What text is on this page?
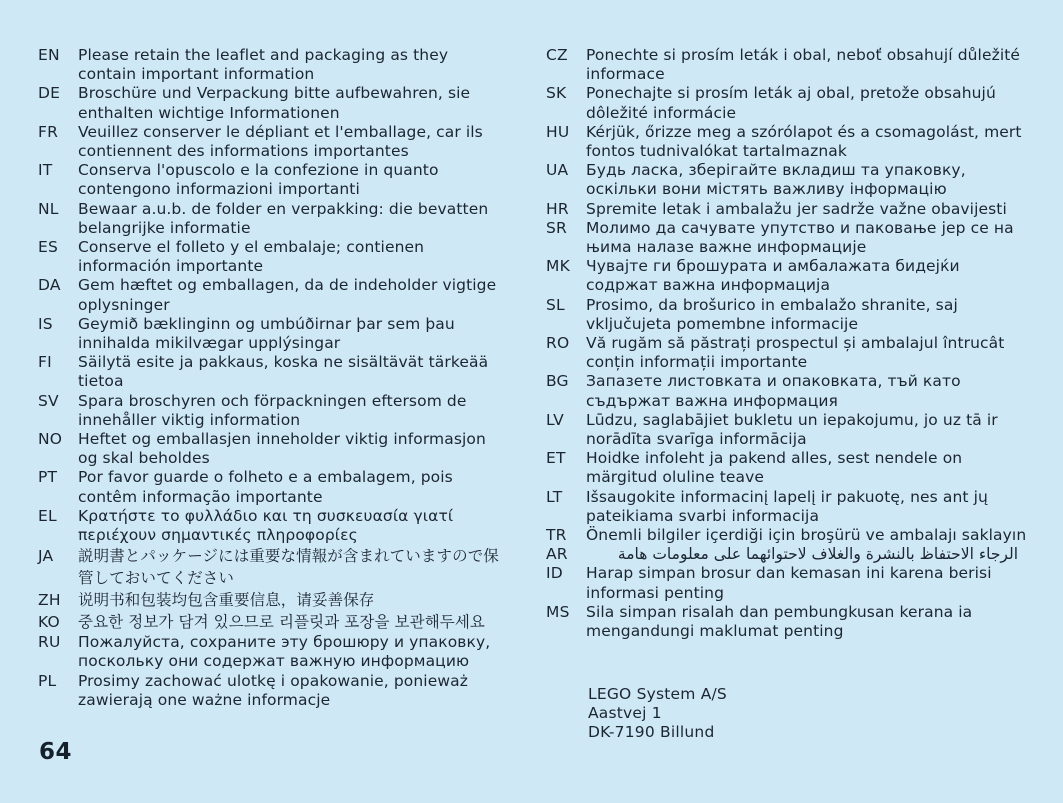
EN	Please retain the leaflet and packaging as they contain important information
DE	Broschüre und Verpackung bitte aufbewahren, sie enthalten wichtige Informationen
FR	Veuillez conserver le dépliant et l'emballage, car ils contiennent des informations importantes
IT	Conserva l'opuscolo e la confezione in quanto contengono informazioni importanti
NL	Bewaar a.u.b. de folder en verpakking: die bevatten belangrijke informatie
ES	Conserve el folleto y el embalaje; contienen información importante
DA	Gem hæftet og emballagen, da de indeholder vigtige oplysninger
IS	Geymið bæklinginn og umbúðirnar þar sem þau innihalda mikilvægar upplýsingar
FI	Säilytä esite ja pakkaus, koska ne sisältävät tärkeää tietoa
SV	Spara broschyren och förpackningen eftersom de innehåller viktig information
NO	Heftet og emballasjen inneholder viktig informasjon og skal beholdes
PT	Por favor guarde o folheto e a embalagem, pois contêm informação importante
EL	Κρατήστε το φυλλάδιο και τη συσκευασία γιατί περιέχουν σημαντικές πληροφορίες
JA	説明書とパッケージには重要な情報が含まれていますので保管しておいてください
ZH	说明书和包装均包含重要信息，请妥善保存
KO	중요한 정보가 담겨 있으므로 리플릿과 포장을 보관해두세요
RU	Пожалуйста, сохраните эту брошюру и упаковку, поскольку они содержат важную информацию
PL	Prosimy zachować ulotkę i opakowanie, ponieważ zawierają one ważne informacje
CZ	Ponechte si prosím leták i obal, neboť obsahují důležité informace
SK	Ponechajte si prosím leták aj obal, pretože obsahujú dôležité informácie
HU	Kérjük, őrizze meg a szórólapot és a csomagolást, mert fontos tudnivalókat tartalmaznak
UA	Будь ласка, зберігайте вкладиш та упаковку, оскільки вони містять важливу інформацію
HR	Spremite letak i ambalažu jer sadrže važne obavijesti
SR	Молимо да сачувате упутство и паковање јер се на њима налазе важне информације
MK	Чувајте ги брошурата и амбалажата бидејќи содржат важна информација
SL	Prosimo, da brošurico in embalažo shranite, saj vključujeta pomembne informacije
RO	Vă rugăm să păstrați prospectul și ambalajul întrucât conțin informații importante
BG	Запазете листовката и опаковката, тъй като съдържат важна информация
LV	Lūdzu, saglabājiet bukletu un iepakojumu, jo uz tā ir norādīta svarīga informācija
ET	Hoidke infoleht ja pakend alles, sest nendele on märgitud oluline teave
LT	Išsaugokite informacinį lapelį ir pakuotę, nes ant jų pateikiama svarbi informacija
TR	Önemli bilgiler içerdiği için broşürü ve ambalajı saklayın
AR	الرجاء الاحتفاظ بالنشرة والغلاف لاحتوائهما على معلومات هامة
ID	Harap simpan brosur dan kemasan ini karena berisi informasi penting
MS	Sila simpan risalah dan pembungkusan kerana ia mengandungi maklumat penting
LEGO System A/S
Aastvej 1
DK-7190 Billund
64
